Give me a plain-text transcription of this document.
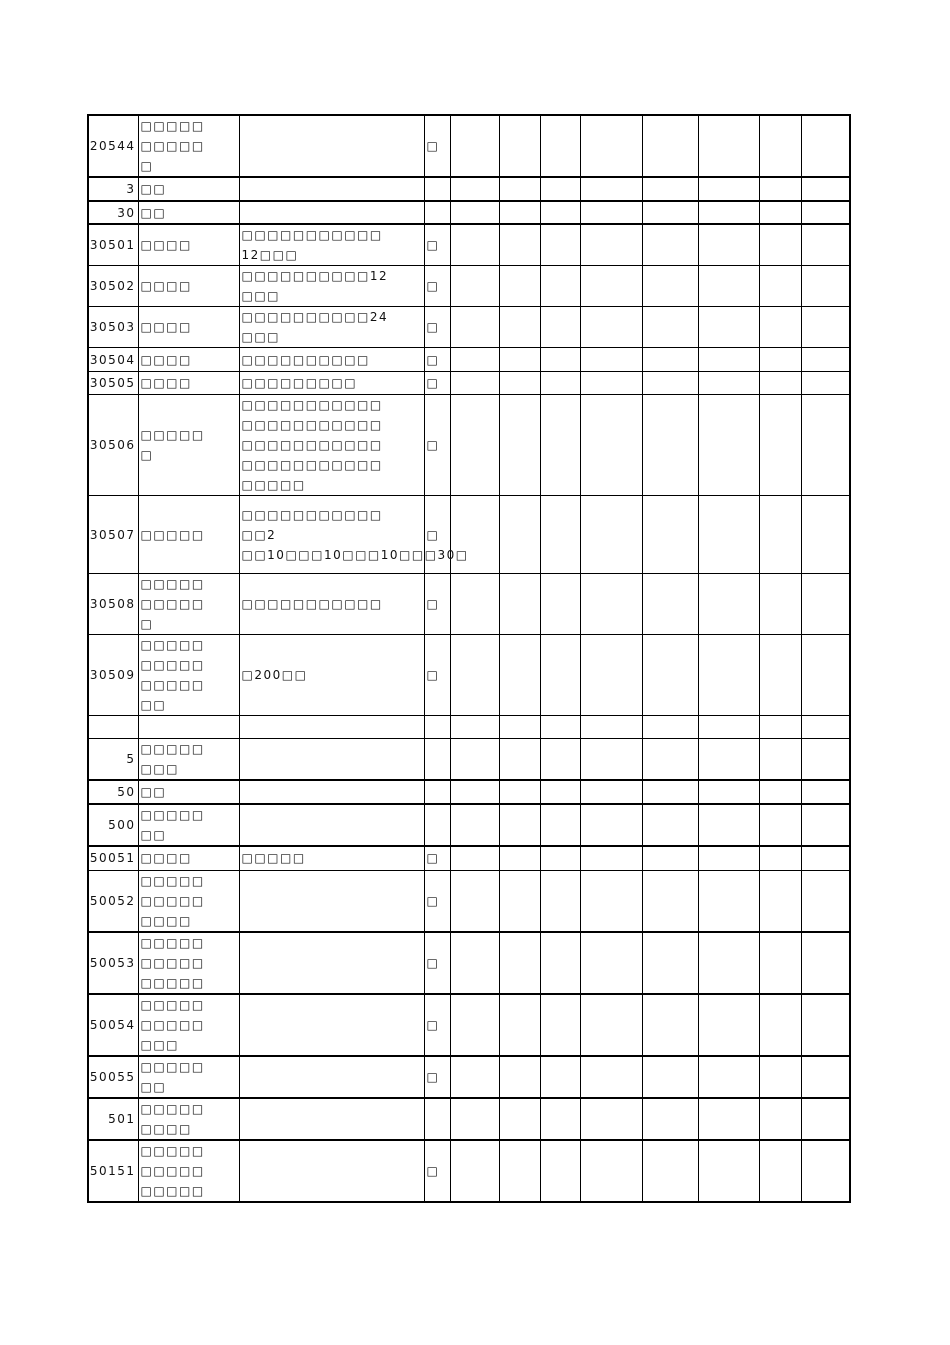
20544	□□□□□
□□□□□
□		□								
3	□□										

30	□□										

30501	□□□□	□□□□□□□□□□□
12□□□	□								
30502	□□□□	□□□□□□□□□□12
□□□	□								
30503	□□□□	□□□□□□□□□□24
□□□	□								
30504	□□□□	□□□□□□□□□□	□								
30505	□□□□	□□□□□□□□□	□								
30506	□□□□□
□	□□□□□□□□□□□
□□□□□□□□□□□
□□□□□□□□□□□
□□□□□□□□□□□
□□□□□	□								
30507	□□□□□	□□□□□□□□□□□
□□2
□□10□□□10□□□10□□□30□	□								
30508	□□□□□
□□□□□
□	□□□□□□□□□□□	□								
30509	□□□□□
□□□□□
□□□□□
□□	□200□□	□								

5	□□□□□
□□□										

50	□□										

500	□□□□□
□□										

50051	□□□□	□□□□□	□								
50052	□□□□□
□□□□□
□□□□		□								
50053	□□□□□
□□□□□
□□□□□		□								
50054	□□□□□
□□□□□
□□□		□								
50055	□□□□□
□□		□								
501	□□□□□
□□□□										

50151	□□□□□
□□□□□
□□□□□		□								
